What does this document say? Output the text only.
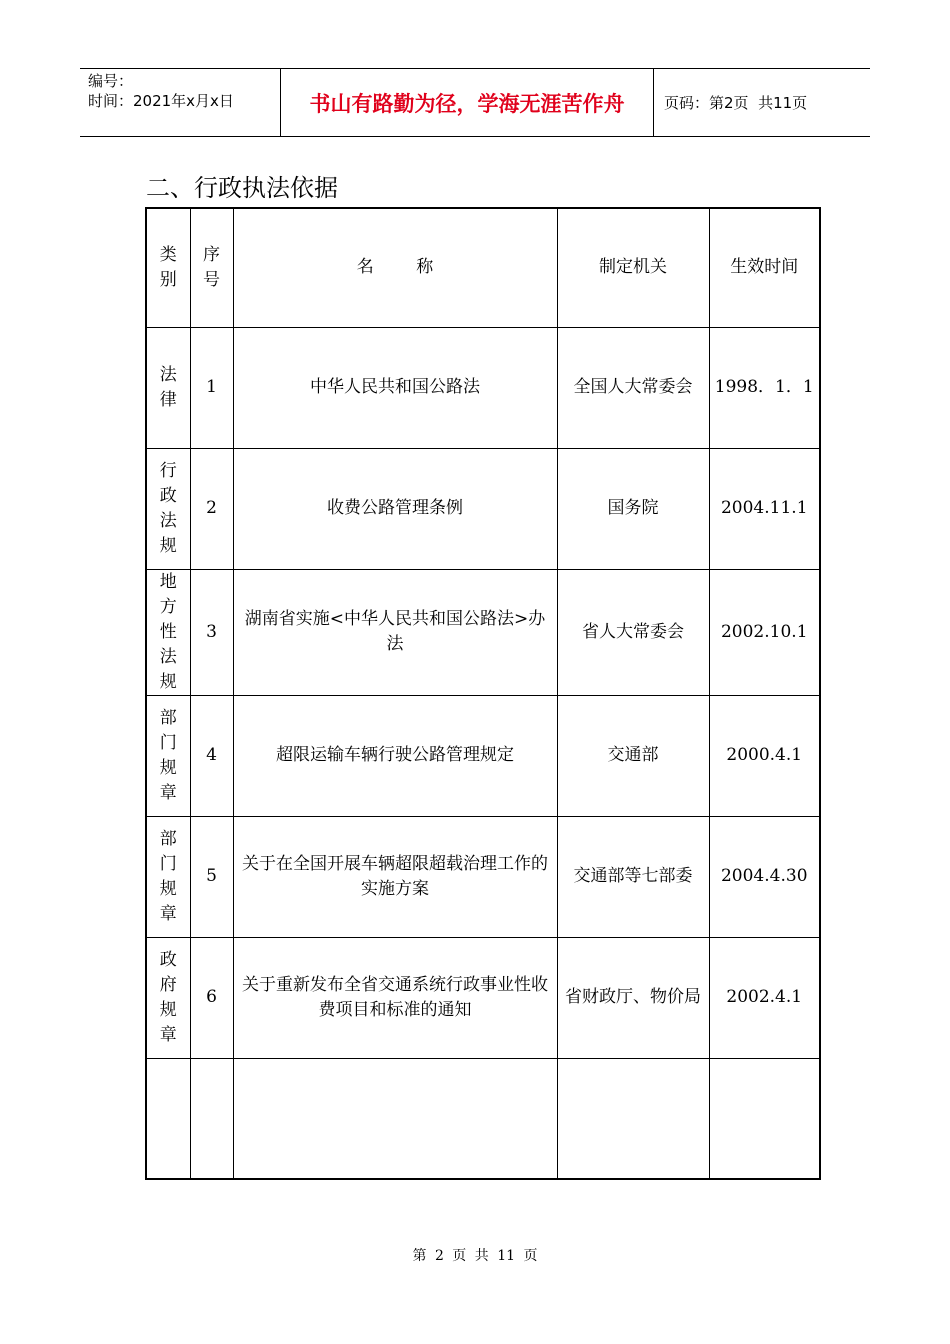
编号：
时间：2021年x月x日	书山有路勤为径，学海无涯苦作舟	页码：第2页  共11页
二、行政执法依据
类别	序号	名称	制定机关	生效时间
法律	1	中华人民共和国公路法	全国人大常委会	1998．1．1
行政法规	2	收费公路管理条例	国务院	2004.11.1
地方性法规	3	湖南省实施<中华人民共和国公路法>办法	省人大常委会	2002.10.1
部门规章	4	超限运输车辆行驶公路管理规定	交通部	2000.4.1
部门规章	5	关于在全国开展车辆超限超载治理工作的实施方案	交通部等七部委	2004.4.30
政府规章	6	关于重新发布全省交通系统行政事业性收费项目和标准的通知	省财政厅、物价局	2002.4.1

第 2 页 共 11 页
